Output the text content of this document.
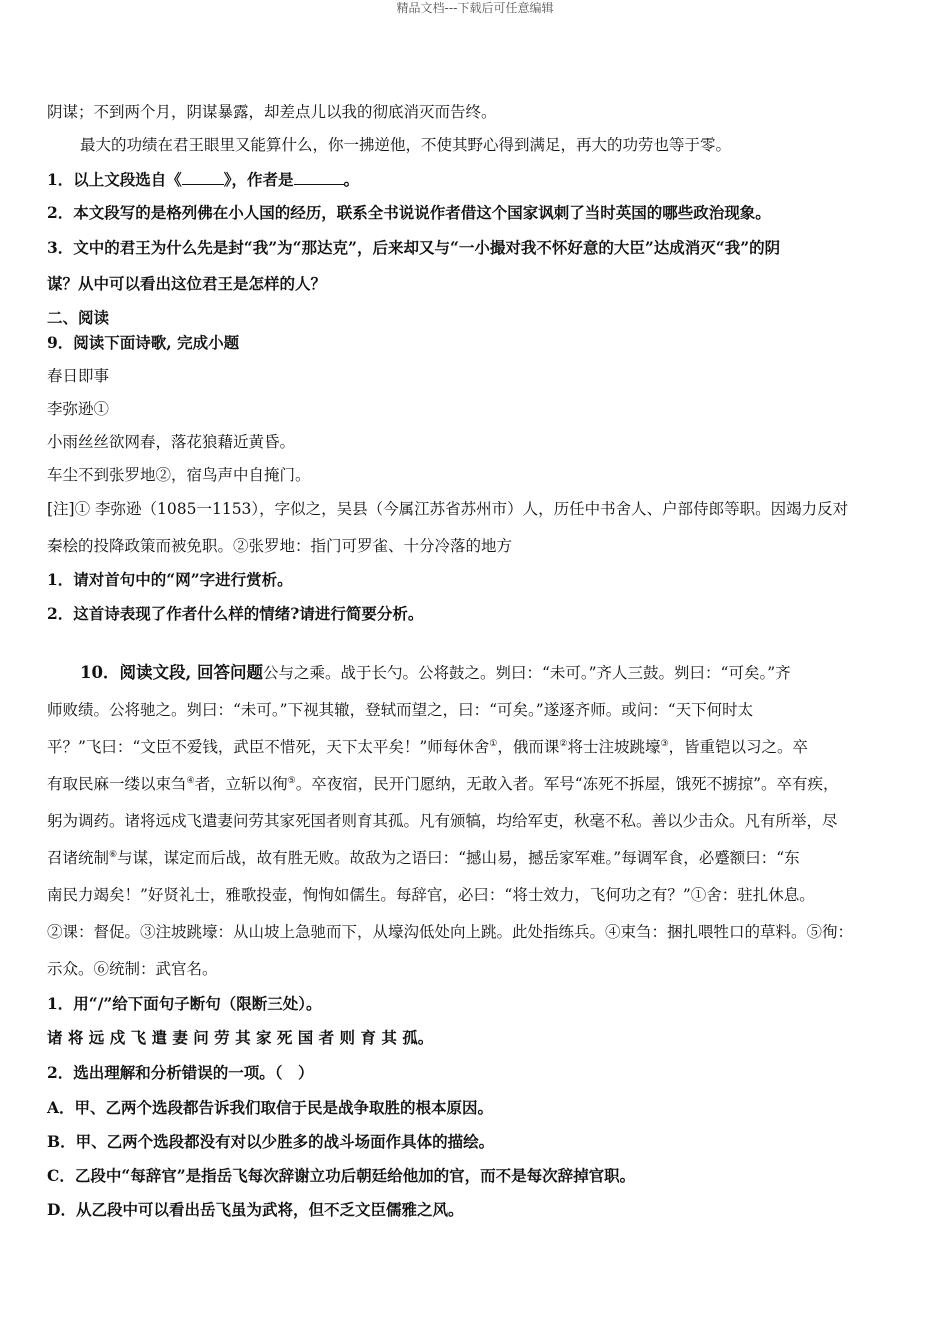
精品文档---下载后可任意编辑
阴谋；不到两个月，阴谋暴露，却差点儿以我的彻底消灭而告终。
最大的功绩在君王眼里又能算什么，你一拂逆他，不使其野心得到满足，再大的功劳也等于零。
1．以上文段选自《	》，作者是	。
2．本文段写的是格列佛在小人国的经历，联系全书说说作者借这个国家讽刺了当时英国的哪些政治现象。
3．文中的君王为什么先是封“我”为“那达克”，后来却又与“一小撮对我不怀好意的大臣”达成消灭“我”的阴
谋？从中可以看出这位君王是怎样的人？
二、阅读
9．阅读下面诗歌, 完成小题
春日即事
李弥逊①
小雨丝丝欲网春，落花狼藉近黄昏。
车尘不到张罗地②，宿鸟声中自掩门。
[注]① 李弥逊（1085一1153），字似之，吴县（今属江苏省苏州市）人，历任中书舍人、户部侍郎等职。因竭力反对
秦桧的投降政策而被免职。②张罗地：指门可罗雀、十分冷落的地方
1．请对首句中的“网”字进行赏析。
2．这首诗表现了作者什么样的情绪?请进行简要分析。
10．阅读文段, 回答问题公与之乘。战于长勺。公将鼓之。刿曰：“未可。”齐人三鼓。刿曰：“可矣。”齐
师败绩。公将驰之。刿曰：“未可。”下视其辙，登轼而望之，曰：“可矣。”遂逐齐师。或问：“天下何时太
平？”飞曰：“文臣不爱钱，武臣不惜死，天下太平矣！”师每休舍①，俄而课②将士注坡跳壕③，皆重铠以习之。卒
有取民麻一缕以束刍④者，立斩以徇⑤。卒夜宿，民开门愿纳，无敢入者。军号“冻死不拆屋，饿死不掳掠”。卒有疾，
躬为调药。诸将远戍飞遣妻问劳其家死国者则育其孤。凡有颁犒，均给军吏，秋毫不私。善以少击众。凡有所举，尽
召诸统制⑥与谋，谋定而后战，故有胜无败。故敌为之语曰：“撼山易，撼岳家军难。”每调军食，必蹙额曰：“东
南民力竭矣！”好贤礼士，雅歌投壶，恂恂如儒生。每辞官，必曰：“将士效力，飞何功之有？”①舍：驻扎休息。
②课：督促。③注坡跳壕：从山坡上急驰而下，从壕沟低处向上跳。此处指练兵。④束刍：捆扎喂牲口的草料。⑤徇：
示众。⑥统制：武官名。
1．用“/”给下面句子断句（限断三处）。
诸 将 远 戍 飞 遣 妻 问 劳 其 家 死 国 者 则 育 其 孤。
2．选出理解和分析错误的一项。（　）
A．甲、乙两个选段都告诉我们取信于民是战争取胜的根本原因。
B．甲、乙两个选段都没有对以少胜多的战斗场面作具体的描绘。
C．乙段中“每辞官”是指岳飞每次辞谢立功后朝廷给他加的官，而不是每次辞掉官职。
D．从乙段中可以看出岳飞虽为武将，但不乏文臣儒雅之风。
